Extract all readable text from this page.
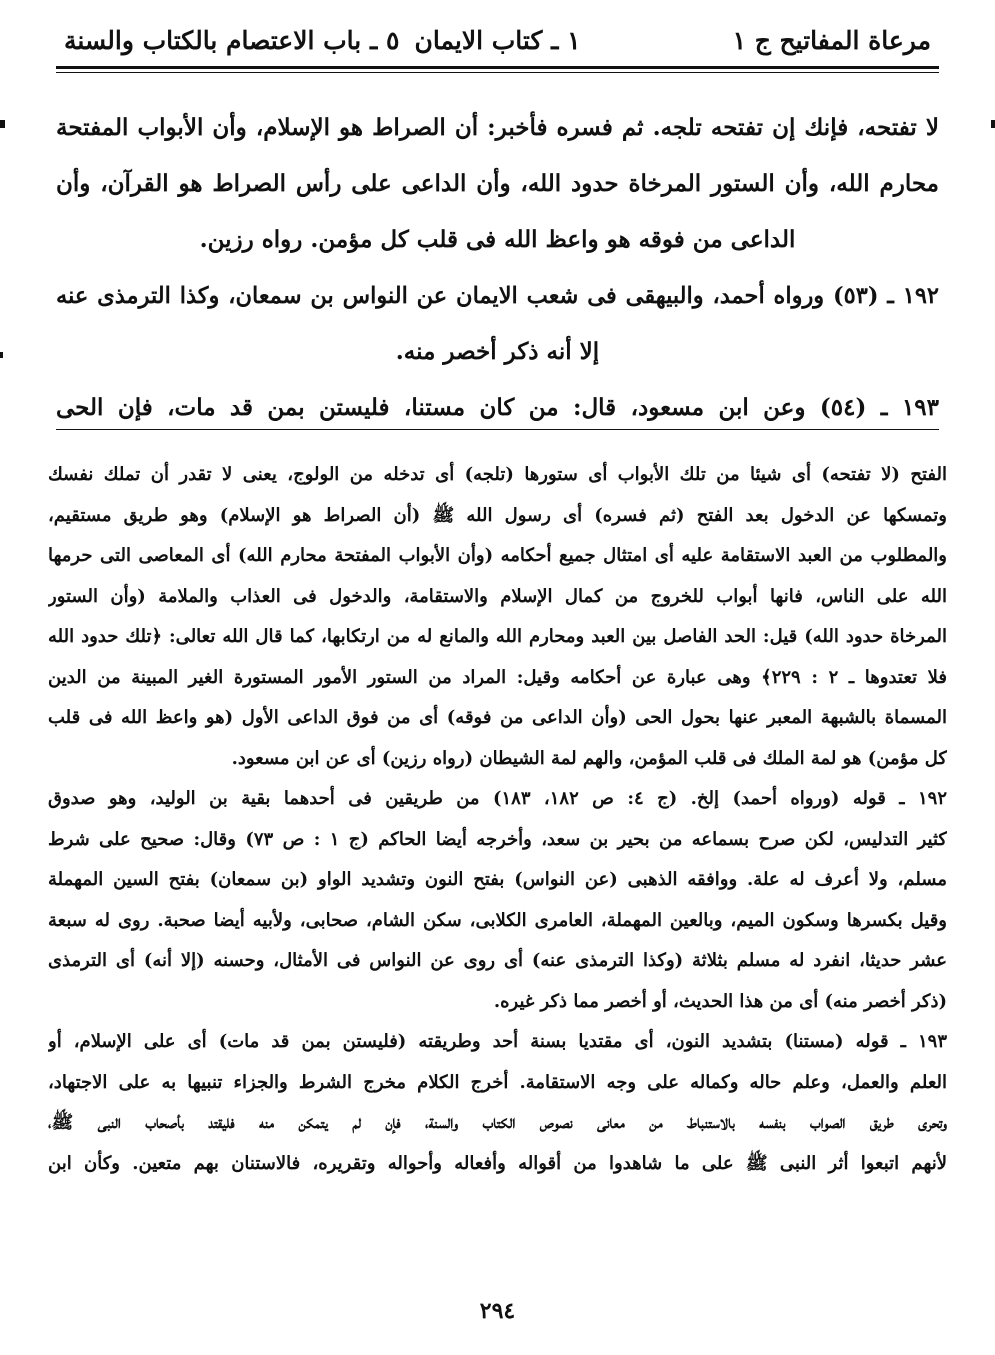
مرعاة المفاتيح ج ١
١ ـ كتاب الايمان
٥ ـ باب الاعتصام بالكتاب والسنة
لا تفتحه، فإنك إن تفتحه تلجه. ثم فسره فأخبر: أن الصراط هو الإسلام، وأن الأبواب المفتحة
محارم الله، وأن الستور المرخاة حدود الله، وأن الداعى على رأس الصراط هو القرآن، وأن
الداعى من فوقه هو واعظ الله فى قلب كل مؤمن. رواه رزين.
١٩٢ ـ (٥٣) ورواه أحمد، والبيهقى فى شعب الايمان عن النواس بن سمعان، وكذا الترمذى عنه
إلا أنه ذكر أخصر منه.
١٩٣ ـ (٥٤) وعن ابن مسعود، قال: من كان مستنا، فليستن بمن قد مات، فإن الحى
الفتح (لا تفتحه) أى شيئا من تلك الأبواب أى ستورها (تلجه) أى تدخله من الولوج، يعنى لا تقدر أن تملك نفسك
وتمسكها عن الدخول بعد الفتح (ثم فسره) أى رسول الله ﷺ (أن الصراط هو الإسلام) وهو طريق مستقيم،
والمطلوب من العبد الاستقامة عليه أى امتثال جميع أحكامه (وأن الأبواب المفتحة محارم الله) أى المعاصى التى حرمها
الله على الناس، فانها أبواب للخروج من كمال الإسلام والاستقامة، والدخول فى العذاب والملامة (وأن الستور
المرخاة حدود الله) قيل: الحد الفاصل بين العبد ومحارم الله والمانع له من ارتكابها، كما قال الله تعالى: ﴿تلك حدود الله
فلا تعتدوها ـ ٢ : ٢٢٩﴾ وهى عبارة عن أحكامه وقيل: المراد من الستور الأمور المستورة الغير المبينة من الدين
المسماة بالشبهة المعبر عنها بحول الحى (وأن الداعى من فوقه) أى من فوق الداعى الأول (هو واعظ الله فى قلب
كل مؤمن) هو لمة الملك فى قلب المؤمن، والهم لمة الشيطان (رواه رزين) أى عن ابن مسعود.
١٩٢ ـ قوله (ورواه أحمد) إلخ. (ج ٤: ص ١٨٢، ١٨٣) من طريقين فى أحدهما بقية بن الوليد، وهو صدوق
كثير التدليس، لكن صرح بسماعه من بحير بن سعد، وأخرجه أيضا الحاكم (ج ١ : ص ٧٣) وقال: صحيح على شرط
مسلم، ولا أعرف له علة. ووافقه الذهبى (عن النواس) بفتح النون وتشديد الواو (بن سمعان) بفتح السين المهملة
وقيل بكسرها وسكون الميم، وبالعين المهملة، العامرى الكلابى، سكن الشام، صحابى، ولأبيه أيضا صحبة. روى له سبعة
عشر حديثا، انفرد له مسلم بثلاثة (وكذا الترمذى عنه) أى روى عن النواس فى الأمثال، وحسنه (إلا أنه) أى الترمذى
(ذكر أخصر منه) أى من هذا الحديث، أو أخصر مما ذكر غيره.
١٩٣ ـ قوله (مستنا) بتشديد النون، أى مقتديا بسنة أحد وطريقته (فليستن بمن قد مات) أى على الإسلام، أو
العلم والعمل، وعلم حاله وكماله على وجه الاستقامة. أخرج الكلام مخرج الشرط والجزاء تنبيها به على الاجتهاد،
وتحرى طريق الصواب بنفسه بالاستنباط من معانى نصوص الكتاب والسنة، فإن لم يتمكن منه فليقتد بأصحاب النبى ﷺ،
لأنهم اتبعوا أثر النبى ﷺ على ما شاهدوا من أقواله وأفعاله وأحواله وتقريره، فالاستنان بهم متعين. وكأن ابن
٢٩٤
